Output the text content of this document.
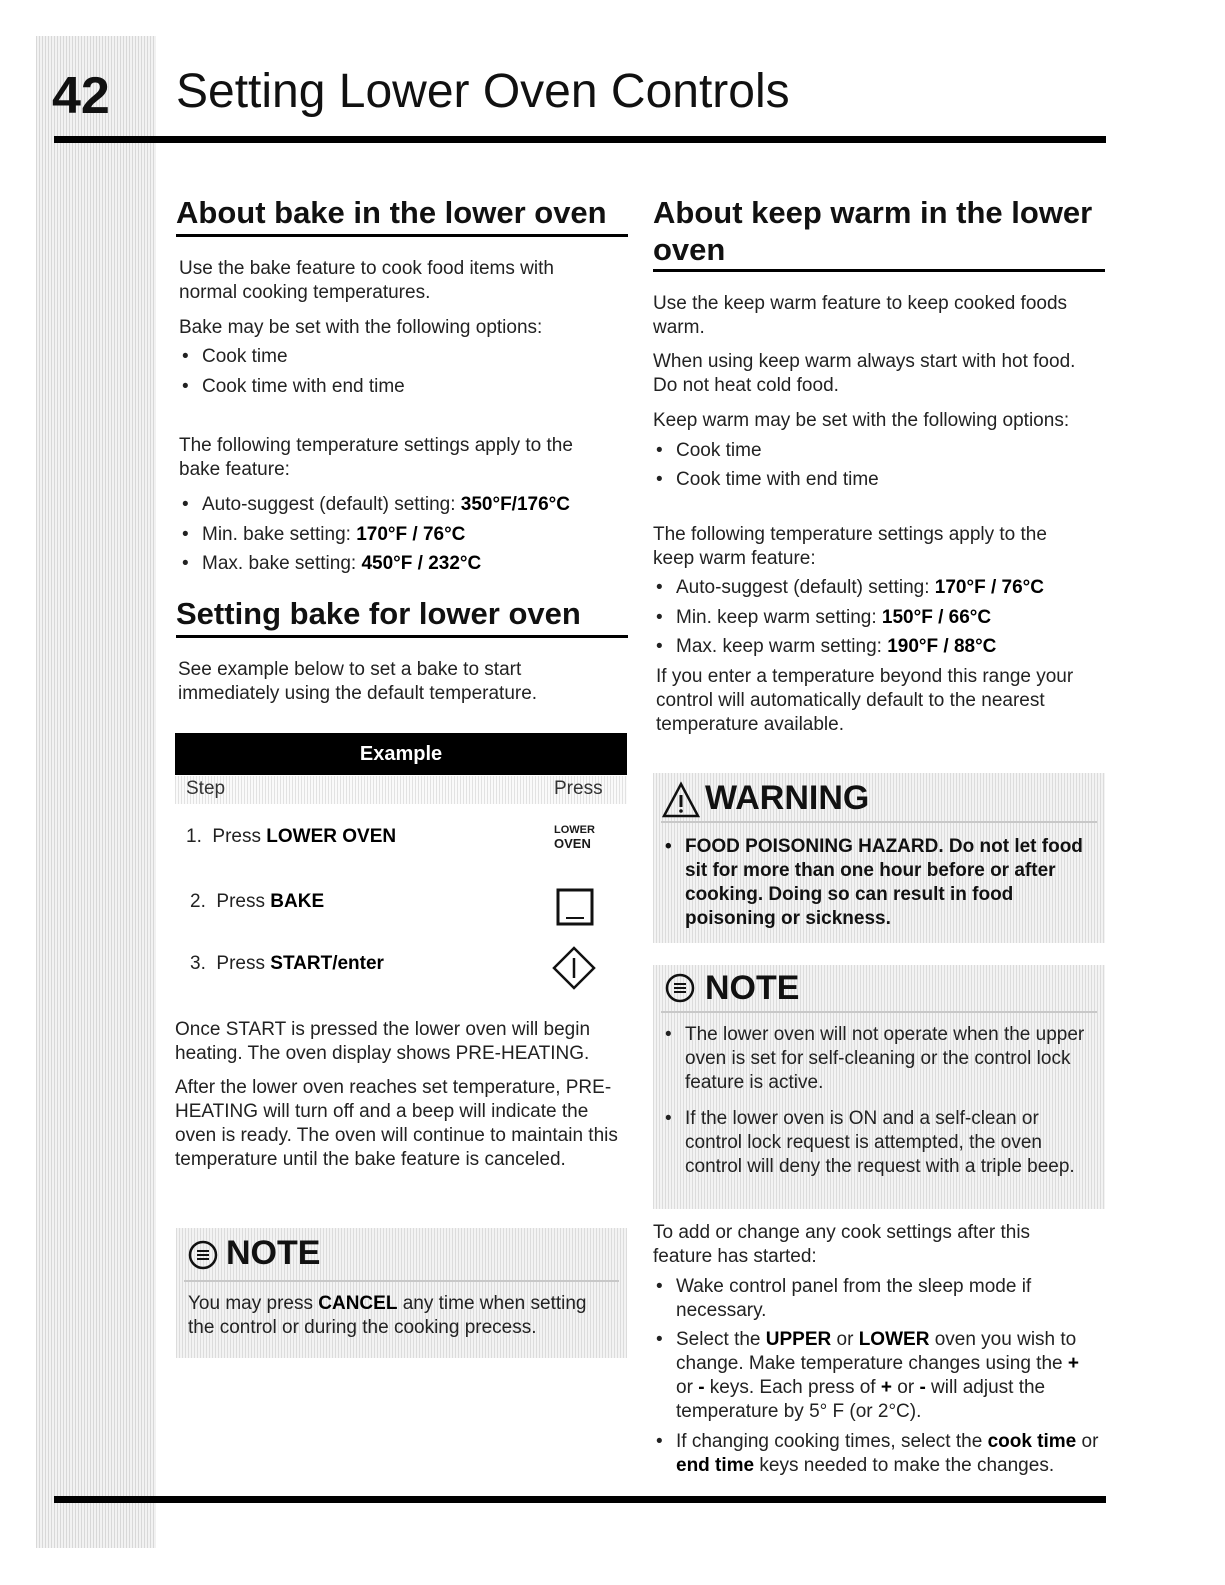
42 Setting Lower Oven Controls
About bake in the lower oven
Use the bake feature to cook food items with normal cooking temperatures.
Bake may be set with the following options:
• Cook time
• Cook time with end time
The following temperature settings apply to the bake feature:
• Auto-suggest (default) setting: 350°F/176°C
• Min. bake setting: 170°F / 76°C
• Max. bake setting: 450°F / 232°C
Setting bake for lower oven
See example below to set a bake to start immediately using the default temperature.
Example
Step	Press
1. Press LOWER OVEN	LOWER
OVEN
2. Press BAKE
3. Press START/enter
Once START is pressed the lower oven will begin heating. The oven display shows PRE-HEATING.
After the lower oven reaches set temperature, PRE-HEATING will turn off and a beep will indicate the oven is ready. The oven will continue to maintain this temperature until the bake feature is canceled.
NOTE
You may press CANCEL any time when setting the control or during the cooking precess.
About keep warm in the lower
oven
Use the keep warm feature to keep cooked foods warm.
When using keep warm always start with hot food. Do not heat cold food.
Keep warm may be set with the following options:
• Cook time
• Cook time with end time
The following temperature settings apply to the keep warm feature:
• Auto-suggest (default) setting: 170°F / 76°C
• Min. keep warm setting: 150°F / 66°C
• Max. keep warm setting: 190°F / 88°C
If you enter a temperature beyond this range your control will automatically default to the nearest temperature available.
WARNING
• FOOD POISONING HAZARD. Do not let food sit for more than one hour before or after cooking. Doing so can result in food poisoning or sickness.
NOTE
• The lower oven will not operate when the upper oven is set for self-cleaning or the control lock feature is active.
• If the lower oven is ON and a self-clean or control lock request is attempted, the oven control will deny the request with a triple beep.
To add or change any cook settings after this feature has started:
• Wake control panel from the sleep mode if necessary.
• Select the UPPER or LOWER oven you wish to change. Make temperature changes using the + or - keys. Each press of + or - will adjust the temperature by 5° F (or 2°C).
• If changing cooking times, select the cook time or end time keys needed to make the changes.
